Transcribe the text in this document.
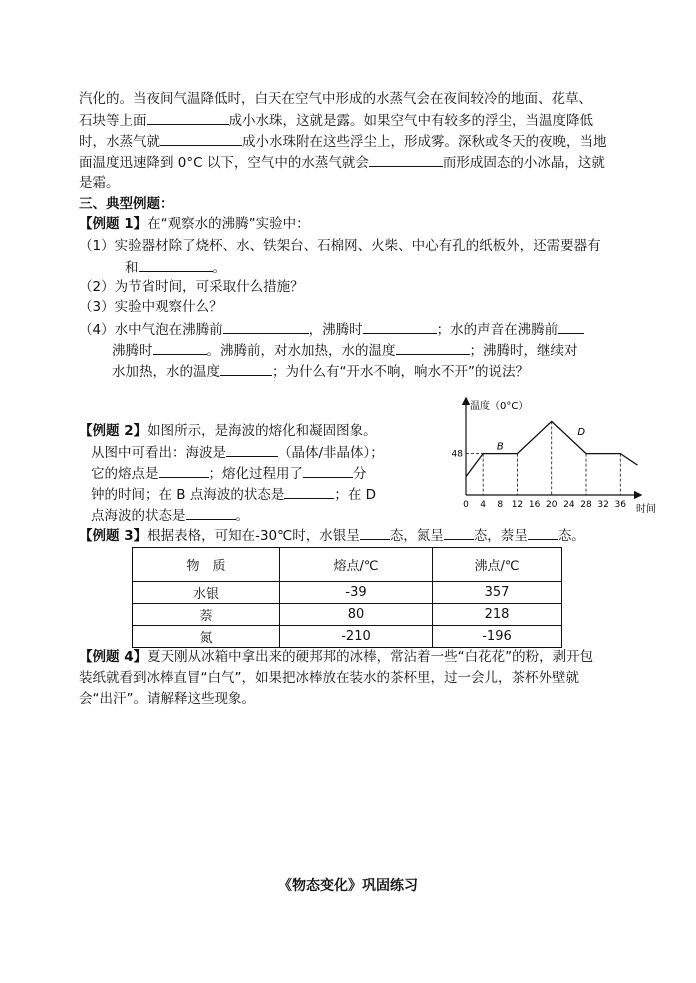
汽化的。当夜间气温降低时，白天在空气中形成的水蒸气会在夜间较冷的地面、花草、
石块等上面	成小水珠，这就是露。如果空气中有较多的浮尘，当温度降低
时，水蒸气就	成小水珠附在这些浮尘上，形成雾。深秋或冬天的夜晚，当地
面温度迅速降到 0°C 以下，空气中的水蒸气就会	而形成固态的小冰晶，这就
是霜。
三、典型例题：
【例题 1】在“观察水的沸腾”实验中：
（1）实验器材除了烧杯、水、铁架台、石棉网、火柴、中心有孔的纸板外，还需要器有
和	。
（2）为节省时间，可采取什么措施？
（3）实验中观察什么？
（4）水中气泡在沸腾前	，沸腾时	；水的声音在沸腾前
沸腾时	。沸腾前，对水加热，水的温度	；沸腾时，继续对
水加热，水的温度	；为什么有“开水不响，响水不开”的说法？
【例题 2】如图所示，是海波的熔化和凝固图象。
从图中可看出：海波是	（晶体/非晶体）；
它的熔点是	；熔化过程用了	分
钟的时间；在 B 点海波的状态是	；在 D
点海波的状态是	。
温度（0°C）
时间
0 4 8 12 16 20 24 28 32 36
48
B
D
【例题 3】根据表格，可知在-30℃时，水银呈 态，氮呈 态，萘呈 态。
物　质	熔点/℃	沸点/℃
水银	-39	357
萘	80	218
氮	-210	-196
【例题 4】夏天刚从冰箱中拿出来的硬邦邦的冰棒，常沾着一些“白花花”的粉，剥开包
装纸就看到冰棒直冒“白气”，如果把冰棒放在装水的茶杯里，过一会儿，茶杯外壁就
会“出汗”。请解释这些现象。
《物态变化》巩固练习
